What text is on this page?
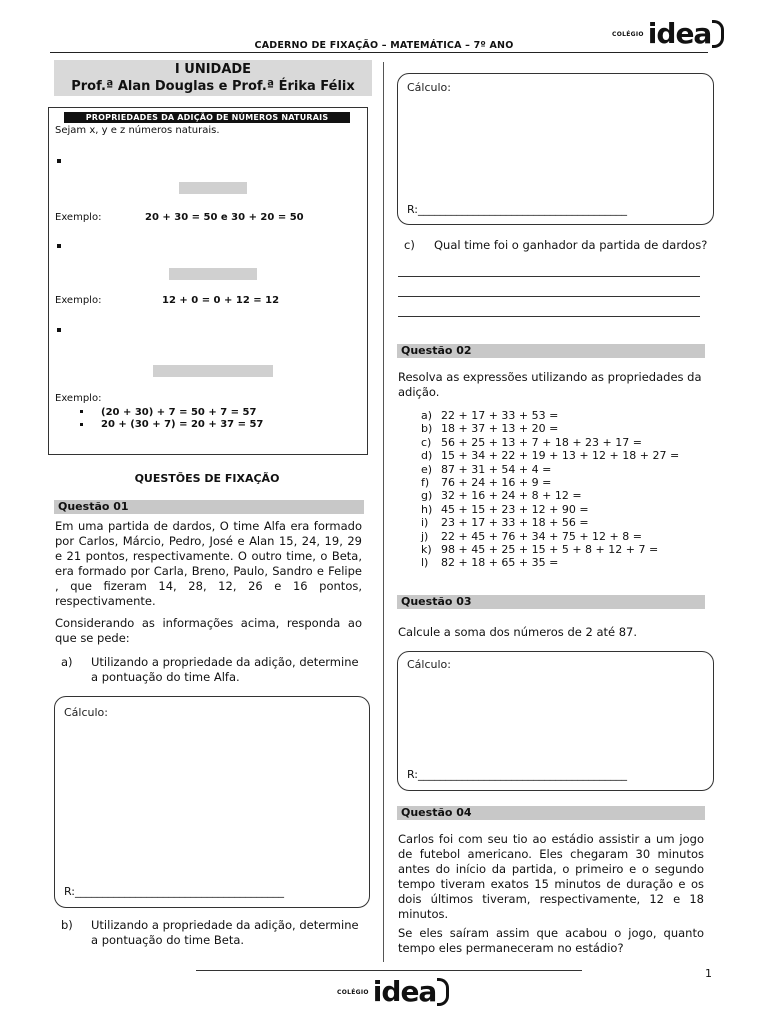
CADERNO DE FIXAÇÃO – MATEMÁTICA – 7º ANO
COLÉGIO idea
I UNIDADE
Prof.ª Alan Douglas e Prof.ª Érika Félix
PROPRIEDADES DA ADIÇÃO DE NÚMEROS NATURAIS
Sejam x, y e z números naturais.
Exemplo:	20 + 30 = 50 e 30 + 20 = 50
Exemplo:	12 + 0 = 0 + 12 = 12
Exemplo:
(20 + 30) + 7 = 50 + 7 = 57
20 + (30 + 7) = 20 + 37 = 57
QUESTÕES DE FIXAÇÃO
Questão 01
Em uma partida de dardos, O time Alfa era formado por Carlos, Márcio, Pedro, José e Alan 15, 24, 19, 29 e 21 pontos, respectivamente. O outro time, o Beta, era formado por Carla, Breno, Paulo, Sandro e Felipe , que fizeram 14, 28, 12, 26 e 16 pontos, respectivamente.
Considerando as informações acima, responda ao que se pede:
a) Utilizando a propriedade da adição, determine a pontuação do time Alfa.
Cálculo:
R:______________________________________
b) Utilizando a propriedade da adição, determine a pontuação do time Beta.
Cálculo:
R:______________________________________
c) Qual time foi o ganhador da partida de dardos?
Questão 02
Resolva as expressões utilizando as propriedades da adição.
a) 22 + 17 + 33 + 53 =
b) 18 + 37 + 13 + 20 =
c) 56 + 25 + 13 + 7 + 18 + 23 + 17 =
d) 15 + 34 + 22 + 19 + 13 + 12 + 18 + 27 =
e) 87 + 31 + 54 + 4 =
f)	76 + 24 + 16 + 9 =
g) 32 + 16 + 24 + 8 + 12 =
h) 45 + 15 + 23 + 12 + 90 =
i)	23 + 17 + 33 + 18 + 56 =
j)	22 + 45 + 76 + 34 + 75 + 12 + 8 =
k) 98 + 45 + 25 + 15 + 5 + 8 + 12 + 7 =
l)	82 + 18 + 65 + 35 =
Questão 03
Calcule a soma dos números de 2 até 87.
Cálculo:
R:______________________________________
Questão 04
Carlos foi com seu tio ao estádio assistir a um jogo de futebol americano. Eles chegaram 30 minutos antes do início da partida, o primeiro e o segundo tempo tiveram exatos 15 minutos de duração e os dois últimos tiveram, respectivamente, 12 e 18 minutos.
Se eles saíram assim que acabou o jogo, quanto tempo eles permaneceram no estádio?
COLÉGIO idea
1
